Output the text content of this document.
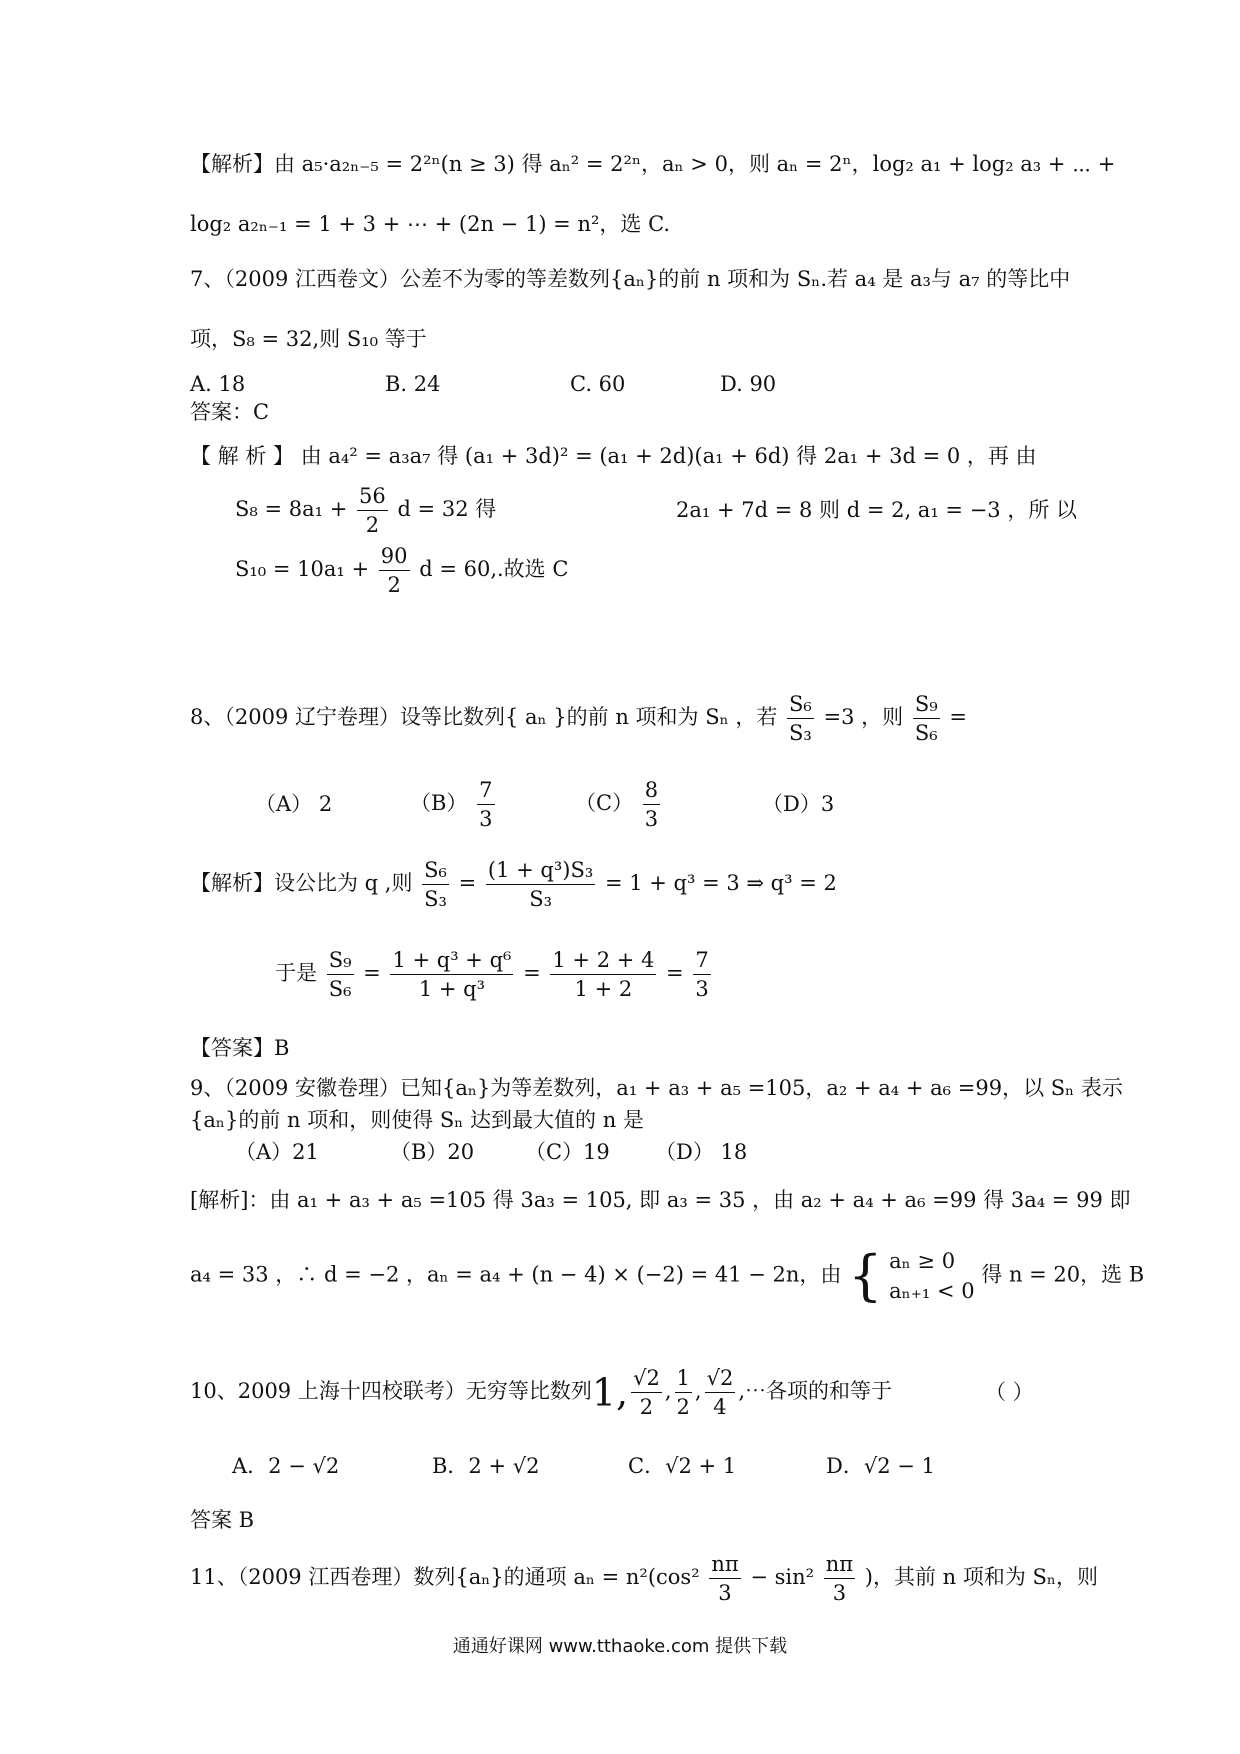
【解析】由 a₅·a₂ₙ₋₅ = 2²ⁿ(n ≥ 3) 得 aₙ² = 2²ⁿ，aₙ > 0，则 aₙ = 2ⁿ，log₂ a₁ + log₂ a₃ + ⋯ +
log₂ a₂ₙ₋₁ = 1 + 3 + ⋯ + (2n − 1) = n²，选 C.
7、（2009 江西卷文）公差不为零的等差数列{aₙ}的前 n 项和为 Sₙ.若 a₄ 是 a₃与 a₇ 的等比中
项，S₈ = 32,则 S₁₀ 等于
A. 18	B. 24	C. 60	D. 90
答案：C
【 解 析 】 由 a₄² = a₃a₇ 得 (a₁ + 3d)² = (a₁ + 2d)(a₁ + 6d) 得 2a₁ + 3d = 0 ，再 由
$S_8 = 8a_1 + \frac{56}{2}$ d = 32 得	2a₁ + 7d = 8 则 d = 2, a₁ = −3 ，所 以
$S_{10} = 10a_1 + \frac{90}{2}$ d = 60,.故选 C
8、（2009 辽宁卷理）设等比数列{ aₙ }的前 n 项和为 Sₙ ，若 $\frac{\text{S₆}}{\text{S₃}} =3$ ，则 $\frac{\text{S₉}}{\text{S₆}}$ =
（A） 2	$(B) \frac{7}{3}$	$(C) \frac{8}{3}$	（D）3
【解析】设公比为 q ,则 $\frac{\text{S₆}}{\text{S₃}} = \frac{\text{(1 + q³)S₃}}{\text{S₃}} = 1 + q^3 = 3$ ⇒ q³ = 2
于是 $\frac{\text{S₉}}{\text{S₆}} = \frac{\text{1 + q³ + q⁶}}{\text{1 + q³}} = \frac{1 + 2 + 4}{1 + 2} = \frac{7}{3}$
【答案】B
9、（2009 安徽卷理）已知{aₙ}为等差数列，a₁ + a₃ + a₅ =105，a₂ + a₄ + a₆ =99，以 Sₙ 表示
{aₙ}的前 n 项和，则使得 Sₙ 达到最大值的 n 是
（A）21	（B）20 （C）19 （D） 18
[解析]：由 a₁ + a₃ + a₅ =105 得 3a₃ = 105, 即 a₃ = 35 ，由 a₂ + a₄ + a₆ =99 得 3a₄ = 99 即
a₄ = 33 ，∴ d = −2 ，aₙ = a₄ + (n − 4) × (−2) = 41 − 2n，由 { aₙ ≥ 0
aₙ₊₁ < 0
得 n = 20，选 B
10、2009 上海十四校联考）无穷等比数列1, $\frac{√2}{2}$ , $\frac{1}{2}$ , $\frac{√2}{4}$ ,⋯各项的和等于	（ ）
A．2 − √2	B．2 + √2	C．√2 + 1	D．√2 − 1
答案 B
11、（2009 江西卷理）数列{aₙ}的通项 $a_n = n^2(\cos^2 \frac{n\pi}{3} - \sin^2 \frac{n\pi}{3}$ )，其前 n 项和为 Sₙ，则
通通好课网 www.tthaoke.com 提供下载
